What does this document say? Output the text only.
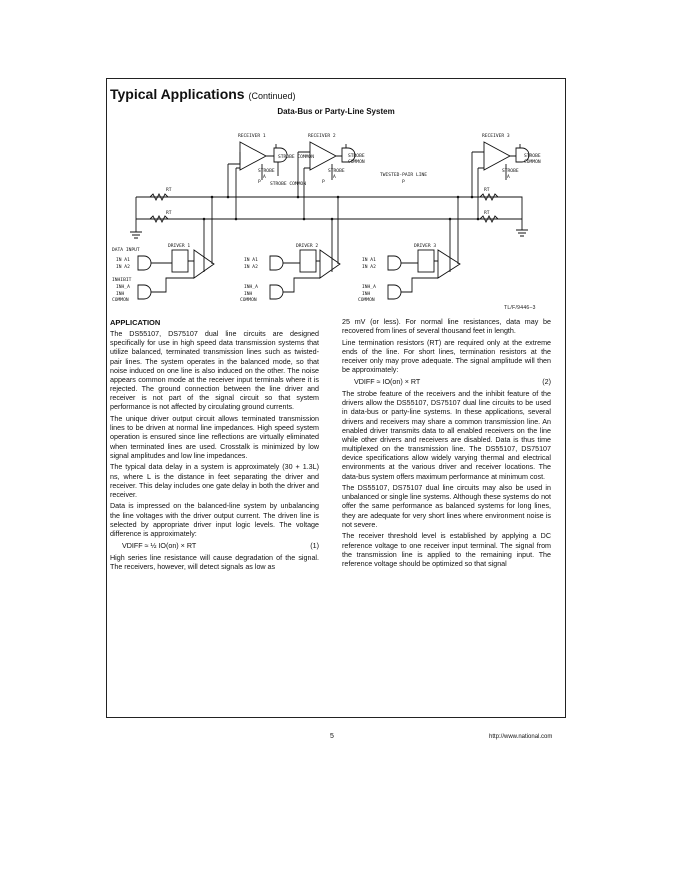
Typical Applications (Continued)
Data-Bus or Party-Line System
RECEIVER 1	RECEIVER 2	RECEIVER 3
STROBE COMMON	STROBE
COMMON
STROBE
COMMON
STROBE
A
STROBE
A
STROBE
A
STROBE COMMON
P	P	P
TWISTED-PAIR LINE
RT
RT
RT
RT
DRIVER 1	DRIVER 2	DRIVER 3
DATA INPUT
IN A1
IN A2
IN A1
IN A2
IN A1
IN A2
INHIBIT
INH_A
INH
COMMON
INH_A
INH
COMMON
INH_A
INH
COMMON
TL/F/9446–3
APPLICATION

The DS55107, DS75107 dual line circuits are designed specifically for use in high speed data transmission systems that utilize balanced, terminated transmission lines such as twisted-pair lines. The system operates in the balanced mode, so that noise induced on one line is also induced on the other. The noise appears common mode at the receiver input terminals where it is rejected. The ground connection between the line driver and receiver is not part of the signal circuit so that system performance is not affected by circulating ground currents.

The unique driver output circuit allows terminated transmission lines to be driven at normal line impedances. High speed system operation is ensured since line reflections are virtually eliminated when terminated lines are used. Crosstalk is minimized by low signal amplitudes and low line impedances.

The typical data delay in a system is approximately (30 + 1.3L) ns, where L is the distance in feet separating the driver and receiver. This delay includes one gate delay in both the driver and receiver.

Data is impressed on the balanced-line system by unbalancing the line voltages with the driver output current. The driven line is selected by appropriate driver input logic levels. The voltage difference is approximately:

VDIFF ≈ ½ IO(on) × RT	(1)

High series line resistance will cause degradation of the signal. The receivers, however, will detect signals as low as

25 mV (or less). For normal line resistances, data may be recovered from lines of several thousand feet in length.

Line termination resistors (RT) are required only at the extreme ends of the line. For short lines, termination resistors at the receiver only may prove adequate. The signal amplitude will then be approximately:

VDIFF ≈ IO(on) × RT	(2)

The strobe feature of the receivers and the inhibit feature of the drivers allow the DS55107, DS75107 dual line circuits to be used in data-bus or party-line systems. In these applications, several drivers and receivers may share a common transmission line. An enabled driver transmits data to all enabled receivers on the line while other drivers and receivers are disabled. Data is thus time multiplexed on the transmission line. The DS55107, DS75107 device specifications allow widely varying thermal and electrical environments at the various driver and receiver locations. The data-bus system offers maximum performance at minimum cost.

The DS55107, DS75107 dual line circuits may also be used in unbalanced or single line systems. Although these systems do not offer the same performance as balanced systems for long lines, they are adequate for very short lines where environment noise is not severe.

The receiver threshold level is established by applying a DC reference voltage to one receiver input terminal. The signal from the transmission line is applied to the remaining input. The reference voltage should be optimized so that signal

5	http://www.national.com
